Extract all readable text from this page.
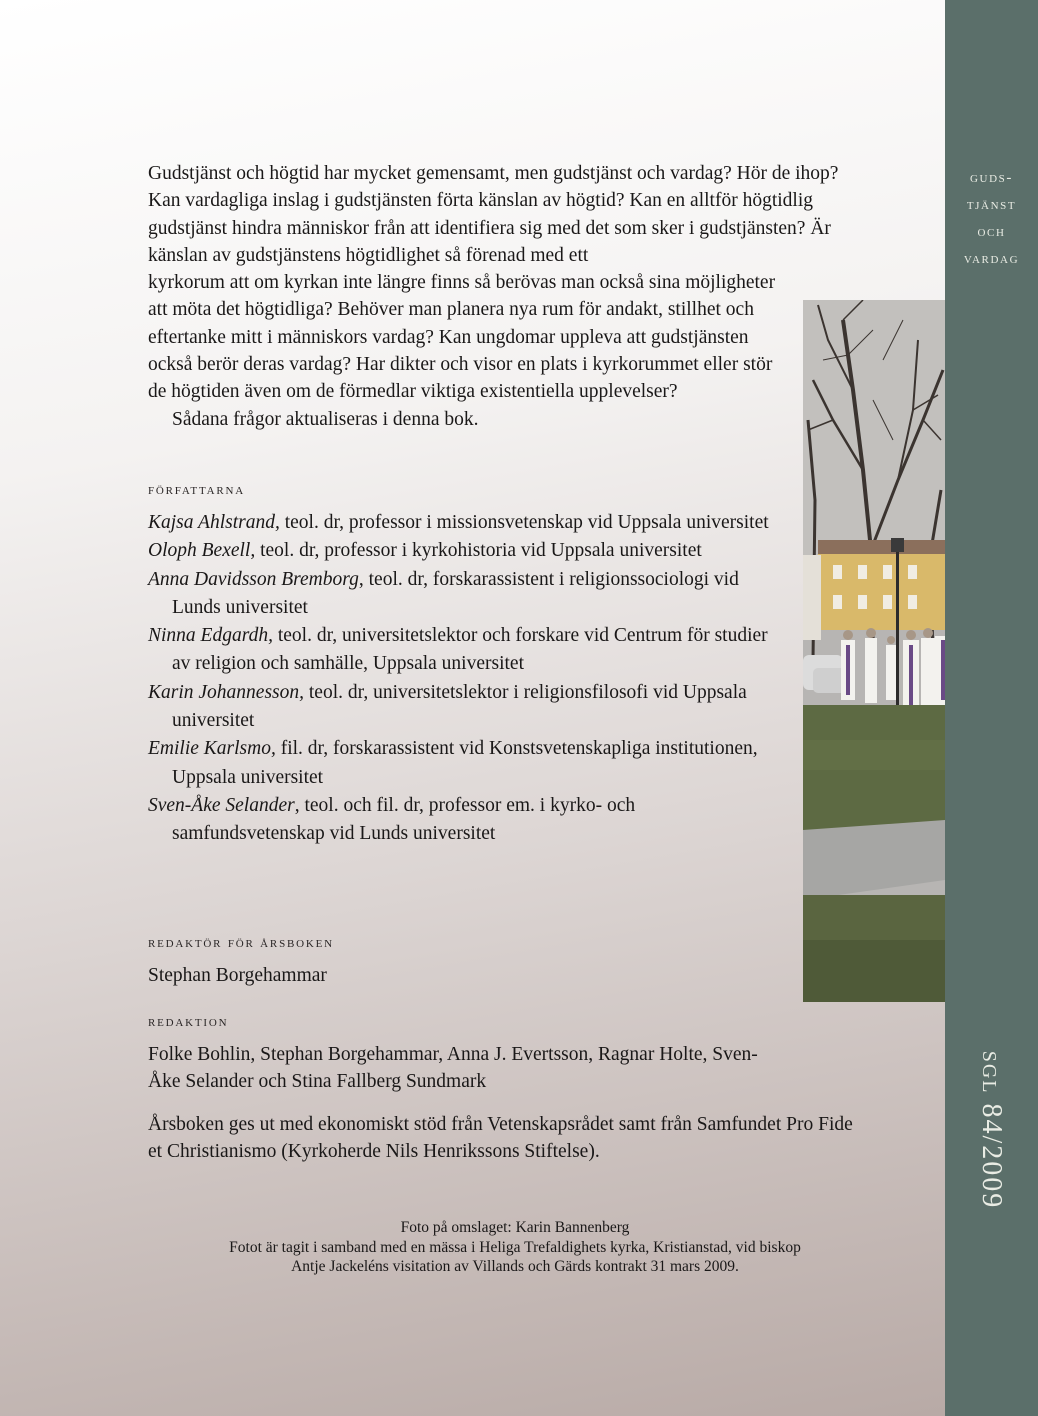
guds-
tjänst
och
vardag
sgl 84/2009

Gudstjänst och högtid har mycket gemensamt, men gudstjänst och vardag? Hör de ihop? Kan vardagliga inslag i gudstjänsten förta känslan av högtid? Kan en alltför högtidlig gudstjänst hindra människor från att identifiera sig med det som sker i gudstjänsten? Är känslan av gudstjänstens högtidlighet så förenad med ett

kyrkorum att om kyrkan inte längre finns så berövas man också sina möjligheter att möta det högtidliga? Behöver man planera nya rum för andakt, stillhet och eftertanke mitt i människors vardag? Kan ungdomar uppleva att gudstjänsten också berör deras vardag? Har dikter och visor en plats i kyrkorummet eller stör de högtiden även om de förmedlar viktiga existentiella upplevelser?

Sådana frågor aktualiseras i denna bok.

författarna

Kajsa Ahlstrand, teol. dr, professor i missionsvetenskap vid Uppsala universitet

Oloph Bexell, teol. dr, professor i kyrkohistoria vid Uppsala universitet

Anna Davidsson Bremborg, teol. dr, forskarassistent i religionssociologi vid Lunds universitet

Ninna Edgardh, teol. dr, universitetslektor och forskare vid Centrum för studier av religion och samhälle, Uppsala universitet

Karin Johannesson, teol. dr, universitetslektor i religionsfilosofi vid Uppsala universitet

Emilie Karlsmo, fil. dr, forskarassistent vid Konstsvetenskapliga institutionen, Uppsala universitet

Sven-Åke Selander, teol. och fil. dr, professor em. i kyrko- och samfundsvetenskap vid Lunds universitet

redaktör för årsboken
Stephan Borgehammar
redaktion
Folke Bohlin, Stephan Borgehammar, Anna J. Evertsson, Ragnar Holte, Sven-Åke Selander och Stina Fallberg Sundmark
Årsboken ges ut med ekonomiskt stöd från Vetenskapsrådet samt från Samfundet Pro Fide et Christianismo (Kyrkoherde Nils Henrikssons Stiftelse).
Foto på omslaget: Karin Bannenberg
Fotot är tagit i samband med en mässa i Heliga Trefaldighets kyrka, Kristianstad, vid biskop
Antje Jackeléns visitation av Villands och Gärds kontrakt 31 mars 2009.
